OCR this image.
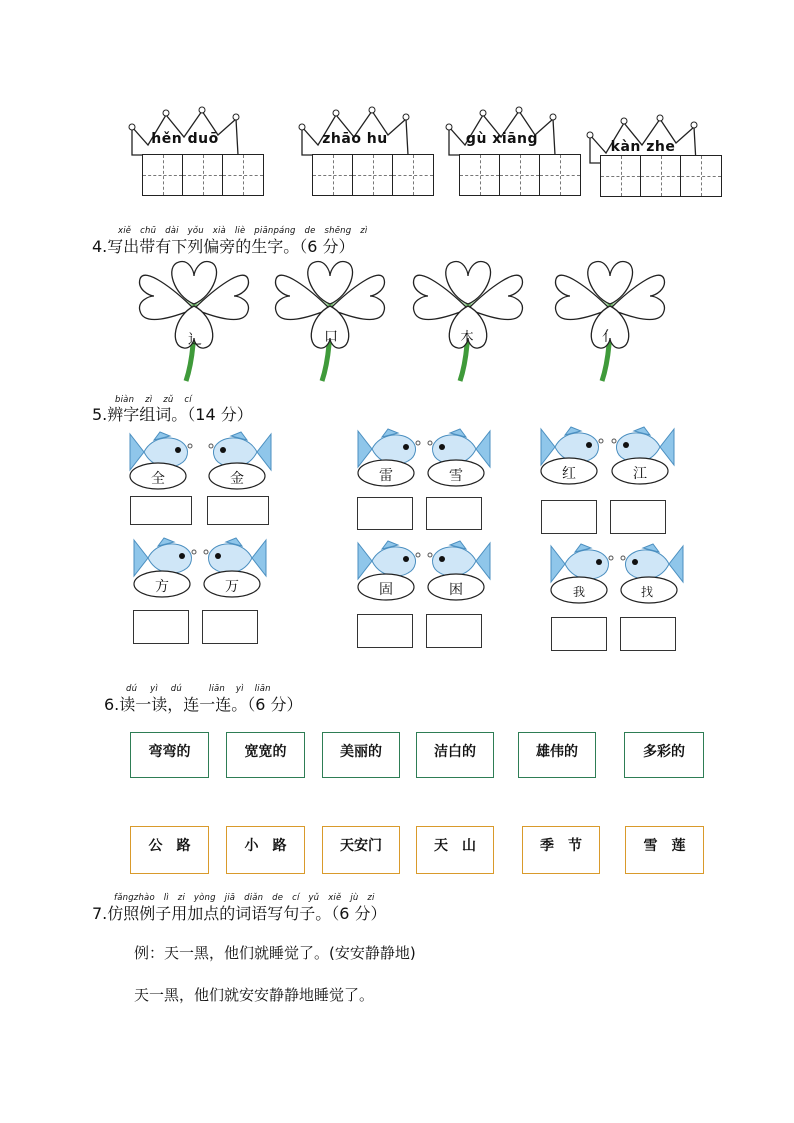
hěn duō	zhāo hu	gù xiāng	kàn zhe
xiě chū dài yǒu xià liè piānpáng de shēng zì
4.写出带有下列偏旁的生字。（6 分）
辶	口	木	亻
biàn zì zǔ cí
5.辨字组词。（14 分）
全	金	雷	雪	红	江
方	万	固	困	我	找
dú yì dú	liān yì liān
6.读一读，连一连。（6 分）
弯弯的	宽宽的	美丽的	洁白的	雄伟的	多彩的
公　路	小　路	天安门	天　山	季　节	雪　莲
fǎngzhào lì zi yòng jiā diǎn de cí yǔ xiě jù zi
7.仿照例子用加点的词语写句子。（6 分）
例：天一黑，他们就睡觉了。(安安静静地)
天一黑，他们就安安静静地睡觉了。
